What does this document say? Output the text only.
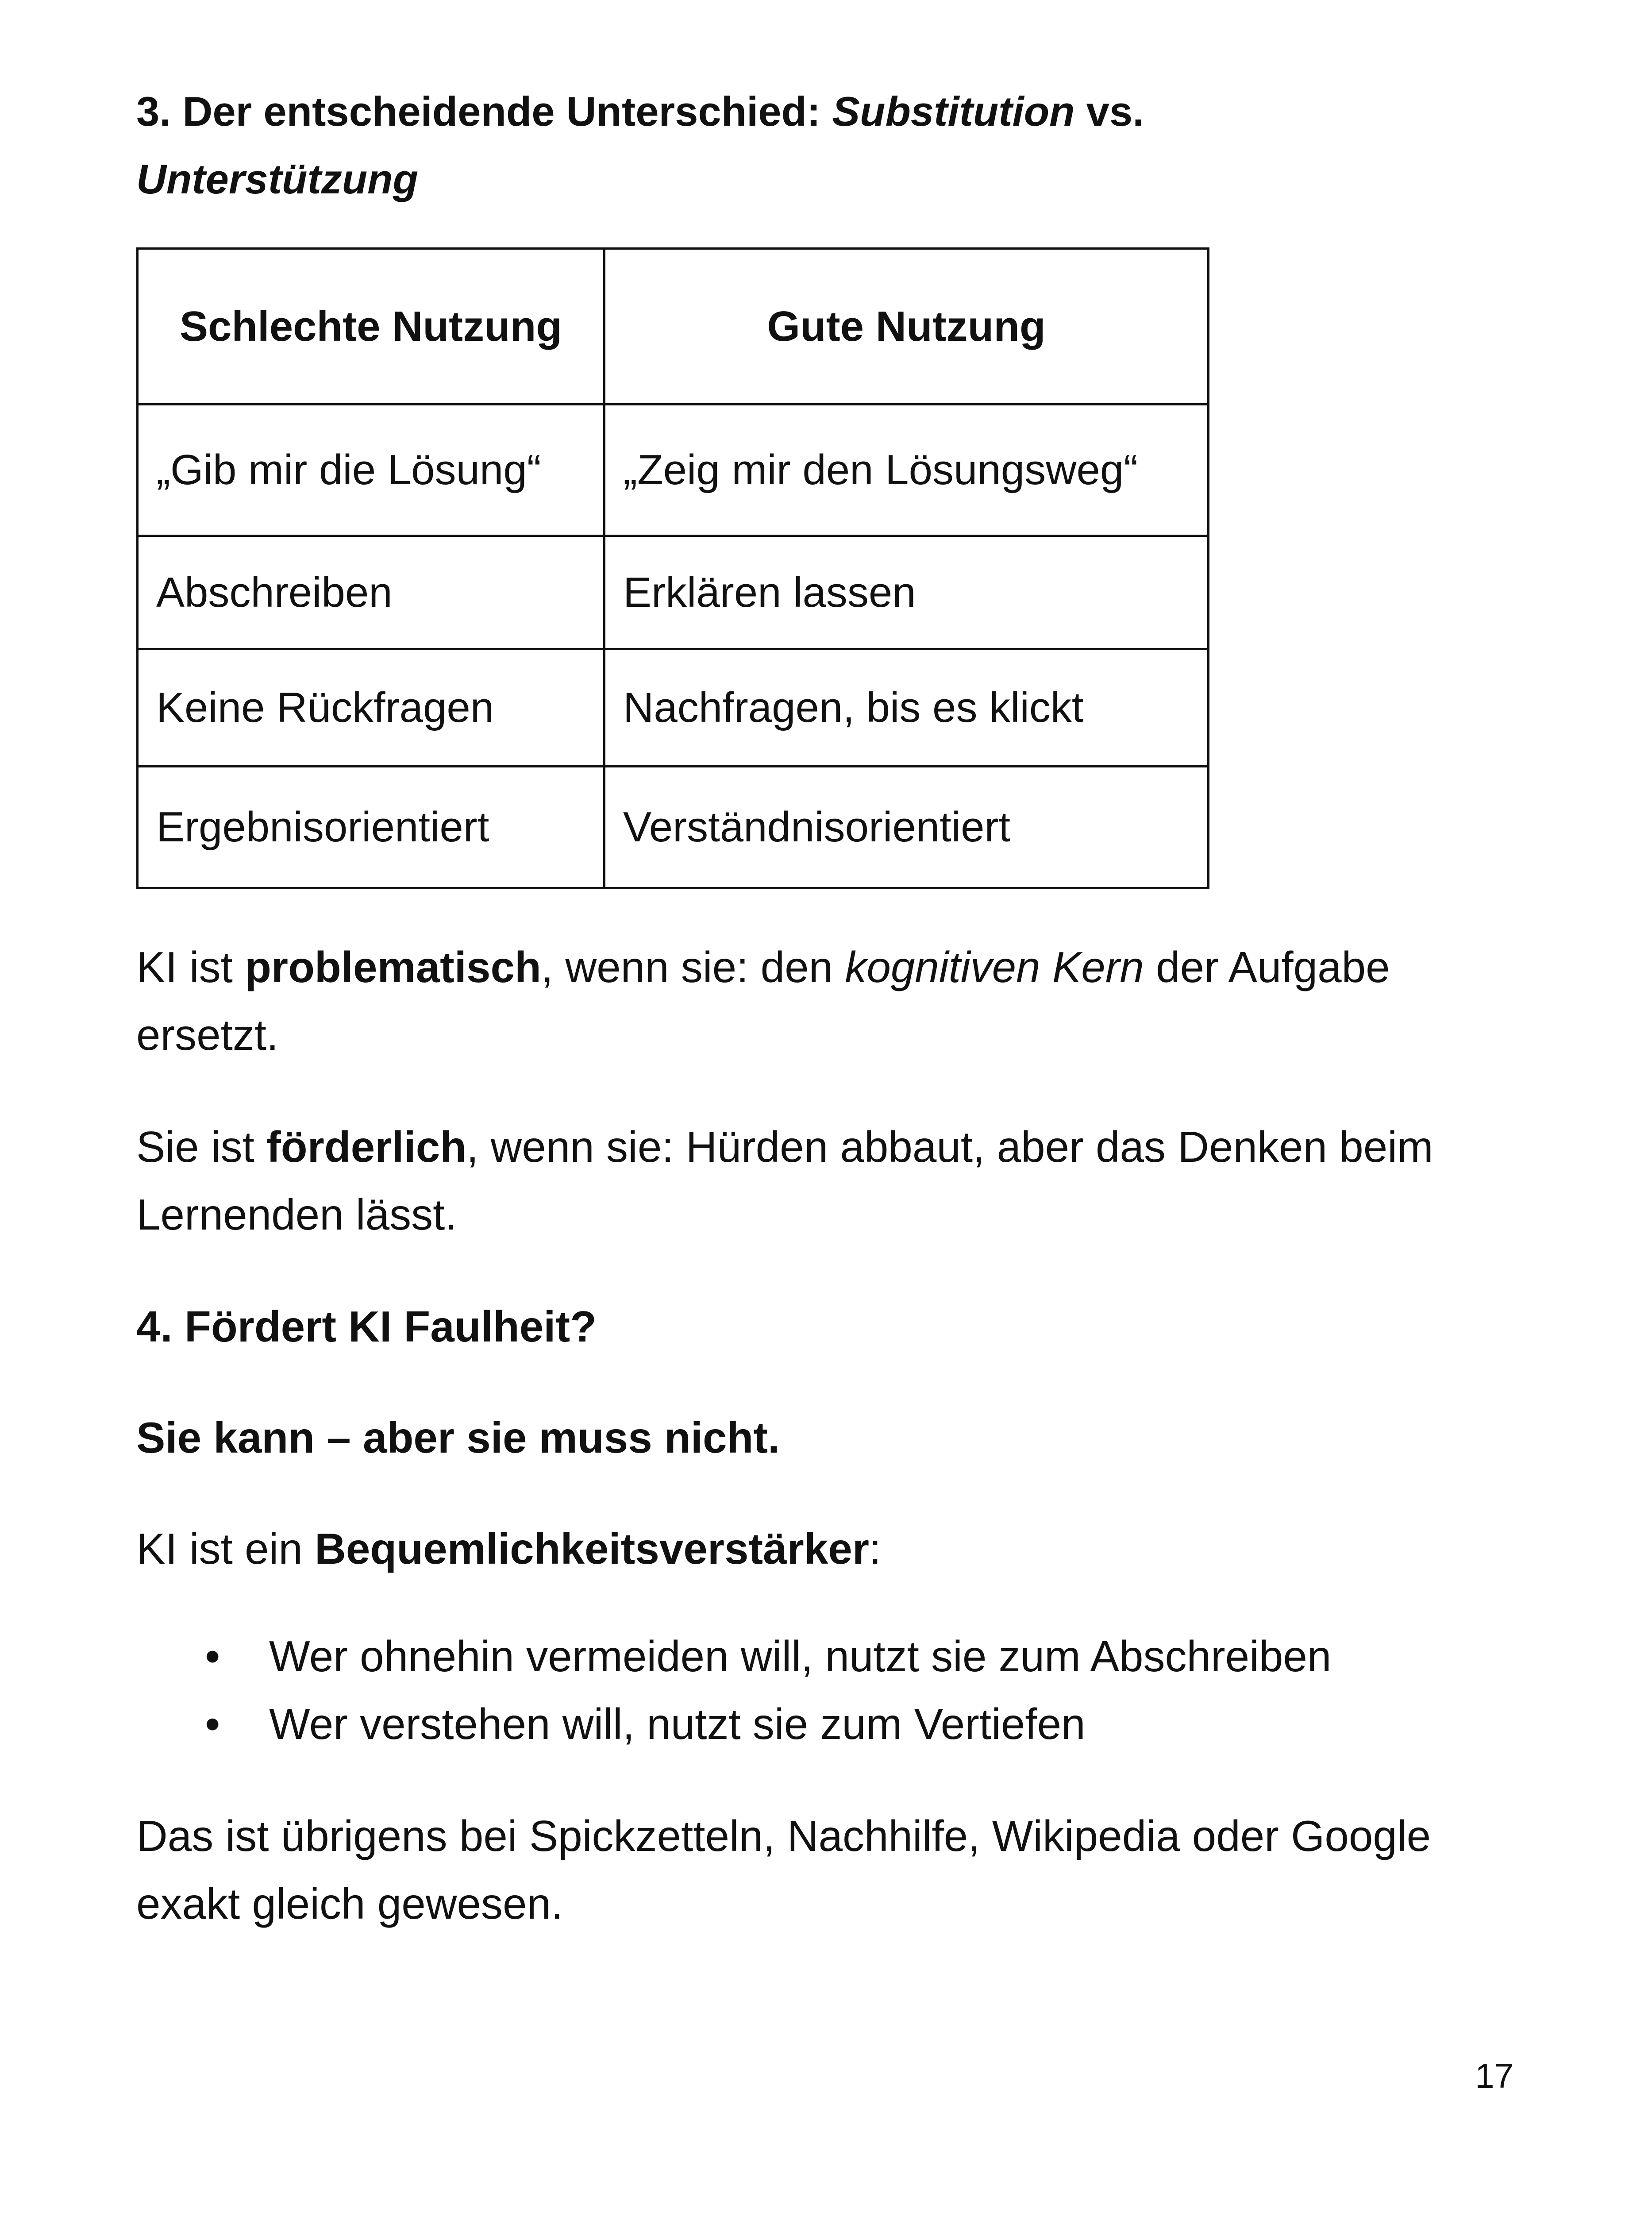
3. Der entscheidende Unterschied: Substitution vs.
Unterstützung
Schlechte Nutzung	Gute Nutzung
„Gib mir die Lösung“	„Zeig mir den Lösungsweg“
Abschreiben	Erklären lassen
Keine Rückfragen	Nachfragen, bis es klickt
Ergebnisorientiert	Verständnisorientiert

KI ist problematisch, wenn sie: den kognitiven Kern der Aufgabe ersetzt.

Sie ist förderlich, wenn sie: Hürden abbaut, aber das Denken beim Lernenden lässt.

4. Fördert KI Faulheit?

Sie kann – aber sie muss nicht.

KI ist ein Bequemlichkeitsverstärker:

• Wer ohnehin vermeiden will, nutzt sie zum Abschreiben
• Wer verstehen will, nutzt sie zum Vertiefen

Das ist übrigens bei Spickzetteln, Nachhilfe, Wikipedia oder Google exakt gleich gewesen.

17
